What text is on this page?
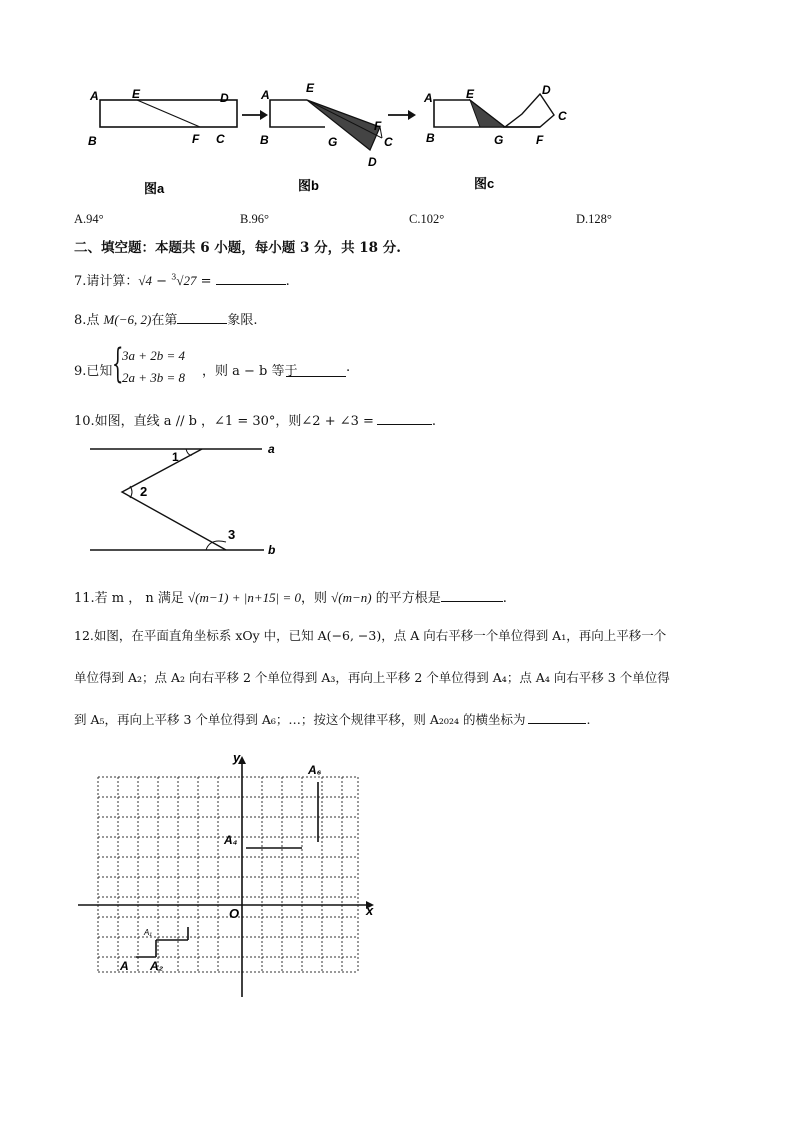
A	E	D
B	F C
图a
A	E
F
B	G	C
D
图b
A	E	D
C
B	G	F
图c
A.94°	B.96°	C.102°	D.128°
二、填空题：本题共 6 小题，每小题 3 分，共 18 分.
7.请计算：√4 − $^3$√27 =	.
8.点 M(−6, 2)在第	象限.
9.已知 {
3a + 2b = 4
2a + 3b = 8 ，则 a − b 等于	.
10.如图，直线 a // b ，∠1 = 30°，则∠2 + ∠3 =	.
a
b
1
2
3
11.若 m ， n 满足 √(m−1) + |n+15| = 0，则 √(m−n) 的平方根是	.
12.如图，在平面直角坐标系 xOy 中，已知 A(−6, −3)，点 A 向右平移一个单位得到 A₁，再向上平移一个
单位得到 A₂；点 A₂ 向右平移 2 个单位得到 A₃，再向上平移 2 个单位得到 A₄；点 A₄ 向右平移 3 个单位得
到 A₅，再向上平移 3 个单位得到 A₆；…；按这个规律平移，则 A₂₀₂₄ 的横坐标为	.
y
x
O
A
A₁
A₂
A₄
A₆
